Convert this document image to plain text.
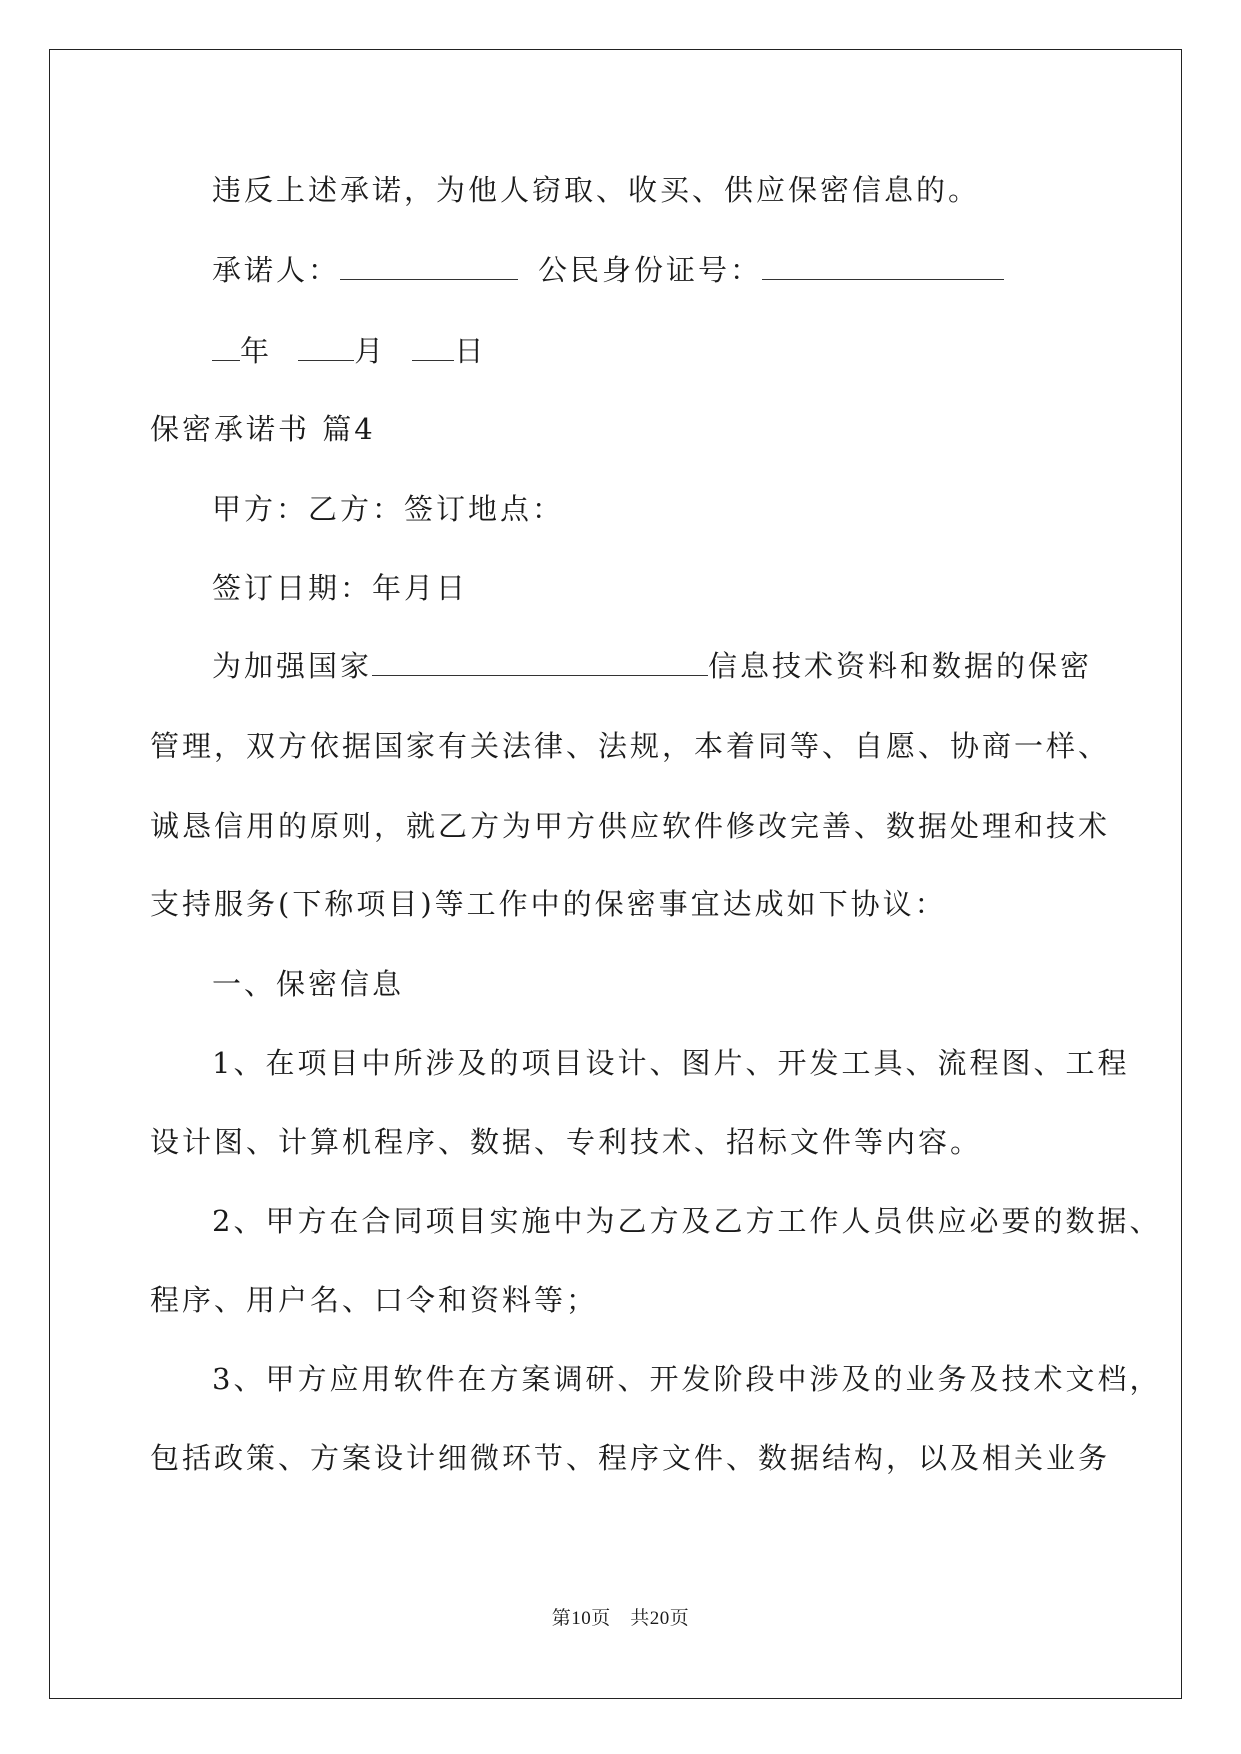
违反上述承诺，为他人窃取、收买、供应保密信息的。
承诺人：	公民身份证号：
年	月 日
保密承诺书 篇4
甲方：乙方：签订地点：
签订日期：年月日
为加强国家	信息技术资料和数据的保密
管理，双方依据国家有关法律、法规，本着同等、自愿、协商一样、
诚恳信用的原则，就乙方为甲方供应软件修改完善、数据处理和技术
支持服务(下称项目)等工作中的保密事宜达成如下协议：
一、保密信息
1、在项目中所涉及的项目设计、图片、开发工具、流程图、工程
设计图、计算机程序、数据、专利技术、招标文件等内容。
2、甲方在合同项目实施中为乙方及乙方工作人员供应必要的数据、
程序、用户名、口令和资料等；
3、甲方应用软件在方案调研、开发阶段中涉及的业务及技术文档，
包括政策、方案设计细微环节、程序文件、数据结构，以及相关业务
第10页　共20页
